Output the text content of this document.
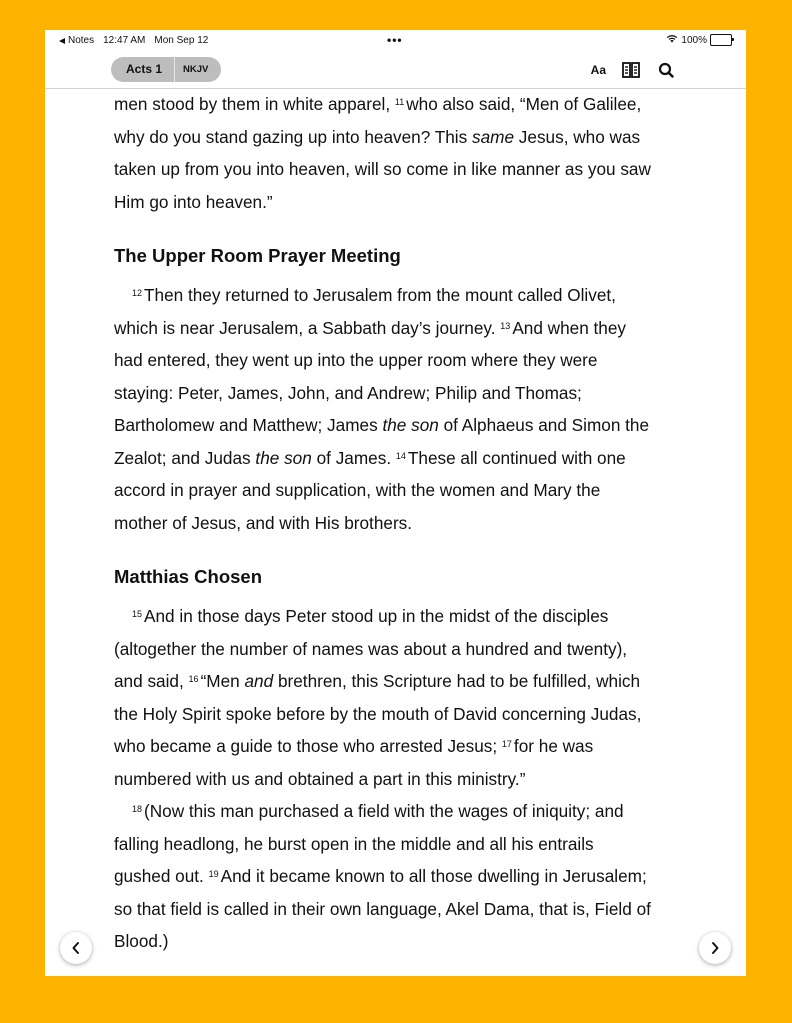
Notes 12:47 AM Mon Sep 12	•••	100%
Acts 1	NKJV	Aa

men stood by them in white apparel, $^{11}$ who also said, “Men of Galilee,
why do you stand gazing up into heaven? This same Jesus, who was
taken up from you into heaven, will so come in like manner as you saw
Him go into heaven.”

The Upper Room Prayer Meeting

$^{12}$ Then they returned to Jerusalem from the mount called Olivet,
which is near Jerusalem, a Sabbath day’s journey. $^{13}$ And when they
had entered, they went up into the upper room where they were
staying: Peter, James, John, and Andrew; Philip and Thomas;
Bartholomew and Matthew; James the son of Alphaeus and Simon the
Zealot; and Judas the son of James. $^{14}$ These all continued with one
accord in prayer and supplication, with the women and Mary the
mother of Jesus, and with His brothers.

Matthias Chosen

$^{15}$ And in those days Peter stood up in the midst of the disciples
(altogether the number of names was about a hundred and twenty),
and said, $^{16}$ “Men and brethren, this Scripture had to be fulfilled, which
the Holy Spirit spoke before by the mouth of David concerning Judas,
who became a guide to those who arrested Jesus; $^{17}$ for he was
numbered with us and obtained a part in this ministry.”
$^{18}$ (Now this man purchased a field with the wages of iniquity; and
falling headlong, he burst open in the middle and all his entrails
gushed out. $^{19}$ And it became known to all those dwelling in Jerusalem;
so that field is called in their own language, Akel Dama, that is, Field of
Blood.)
